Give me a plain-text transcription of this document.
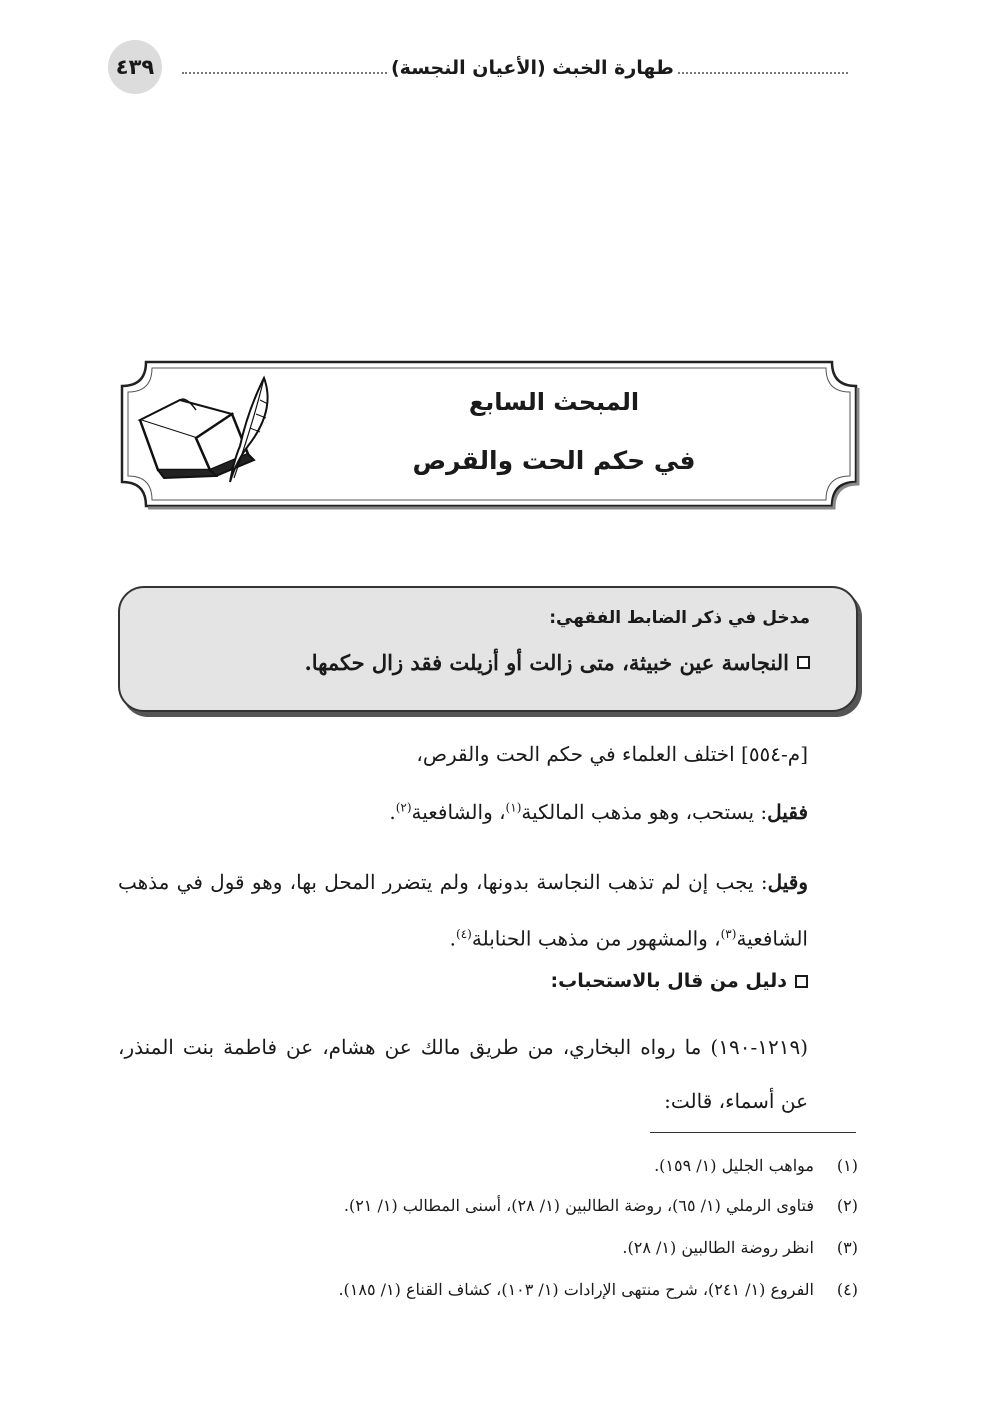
٤٣٩	طهارة الخبث (الأعيان النجسة)
المبحث السابع
في حكم الحت والقرص
مدخل في ذكر الضابط الفقهي:
النجاسة عين خبيثة، متى زالت أو أزيلت فقد زال حكمها.
[م-٥٥٤] اختلف العلماء في حكم الحت والقرص،
فقيل: يستحب، وهو مذهب المالكية$^{(١)}$، والشافعية$^{(٢)}$.
وقيل: يجب إن لم تذهب النجاسة بدونها، ولم يتضرر المحل بها، وهو قول في مذهب الشافعية$^{(٣)}$، والمشهور من مذهب الحنابلة$^{(٤)}$.
دليل من قال بالاستحباب:
(١٢١٩-١٩٠) ما رواه البخاري، من طريق مالك عن هشام، عن فاطمة بنت المنذر، عن أسماء، قالت:
(١)مواهب الجليل (١/ ١٥٩).
(٢)فتاوى الرملي (١/ ٦٥)، روضة الطالبين (١/ ٢٨)، أسنى المطالب (١/ ٢١).
(٣)انظر روضة الطالبين (١/ ٢٨).
(٤)الفروع (١/ ٢٤١)، شرح منتهى الإرادات (١/ ١٠٣)، كشاف القناع (١/ ١٨٥).
